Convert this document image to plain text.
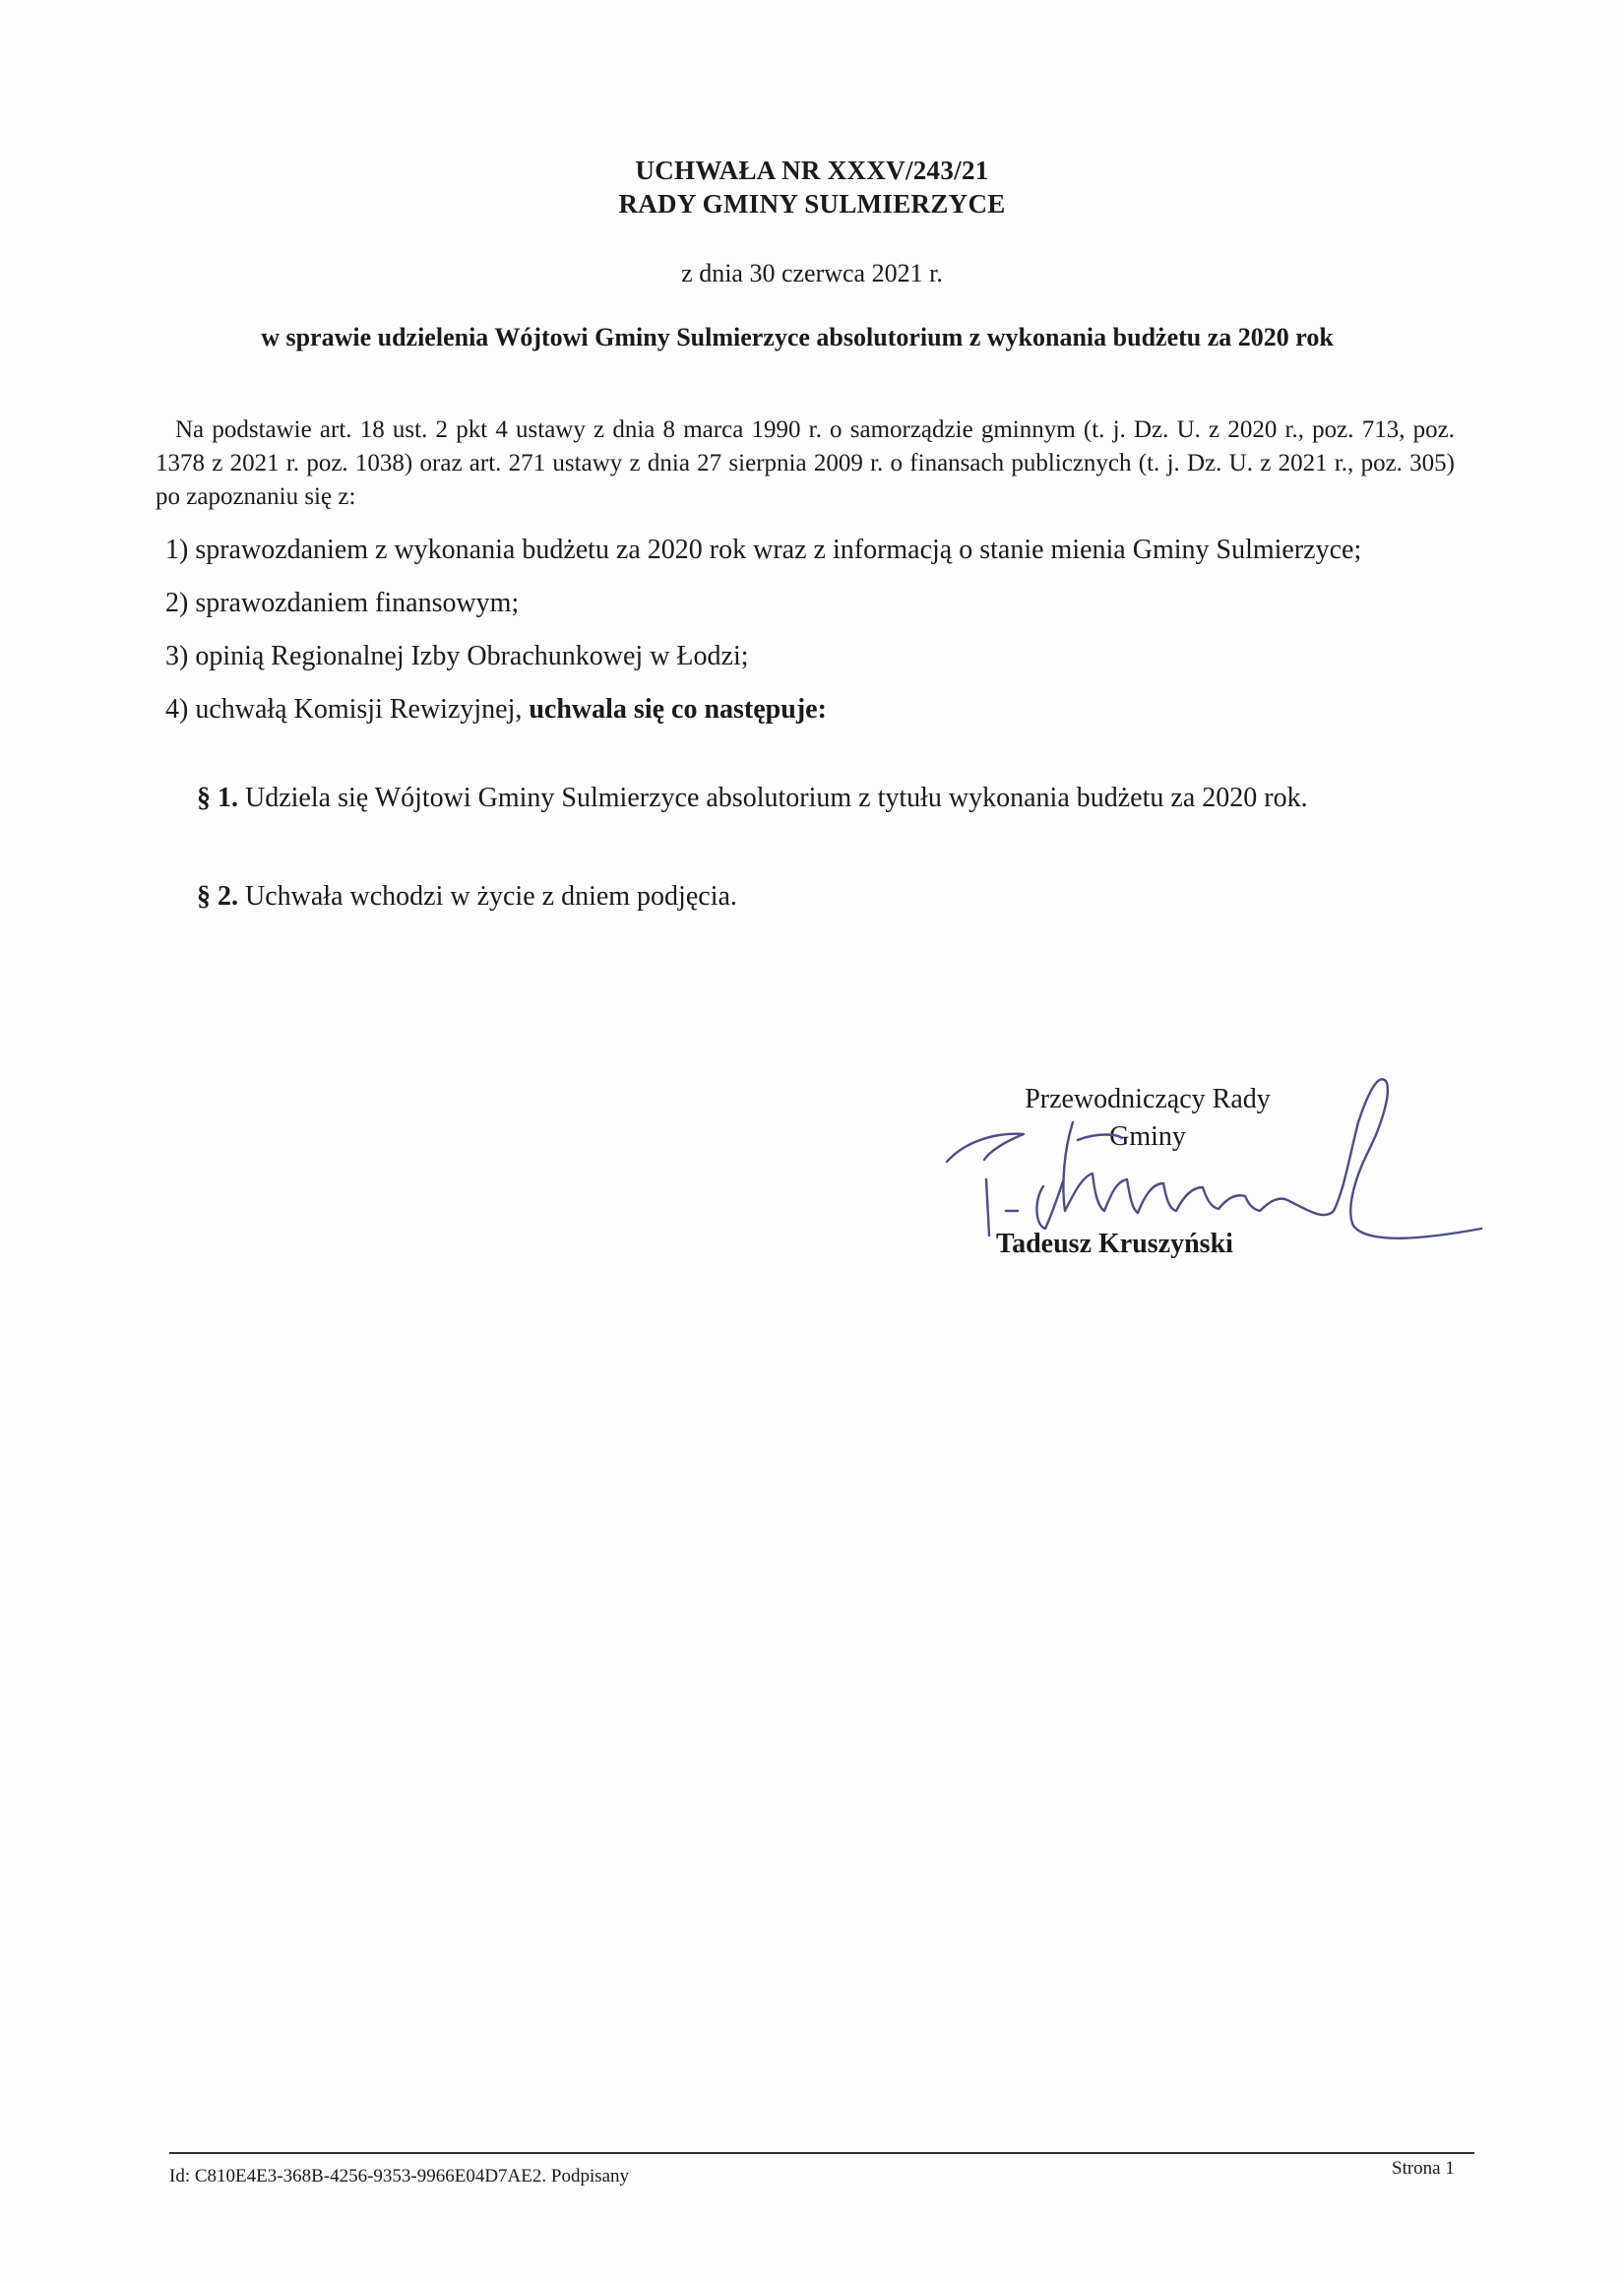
UCHWAŁA NR XXXV/243/21
RADY GMINY SULMIERZYCE
z dnia 30 czerwca 2021 r.
w sprawie udzielenia Wójtowi Gminy Sulmierzyce absolutorium z wykonania budżetu za 2020 rok
Na podstawie art. 18 ust. 2 pkt 4 ustawy z dnia 8 marca 1990 r. o samorządzie gminnym (t. j. Dz. U. z 2020 r., poz. 713, poz. 1378 z 2021 r. poz. 1038) oraz art. 271 ustawy z dnia 27 sierpnia 2009 r. o finansach publicznych (t. j. Dz. U. z 2021 r., poz. 305) po zapoznaniu się z:
1) sprawozdaniem z wykonania budżetu za 2020 rok wraz z informacją o stanie mienia Gminy Sulmierzyce;
2) sprawozdaniem finansowym;
3) opinią Regionalnej Izby Obrachunkowej w Łodzi;
4) uchwałą Komisji Rewizyjnej, uchwala się co następuje:
§ 1. Udziela się Wójtowi Gminy Sulmierzyce absolutorium z tytułu wykonania budżetu za 2020 rok.
§ 2. Uchwała wchodzi w życie z dniem podjęcia.
Przewodniczący Rady Gminy
Tadeusz Kruszyński
Id: C810E4E3-368B-4256-9353-9966E04D7AE2. Podpisany	Strona 1
